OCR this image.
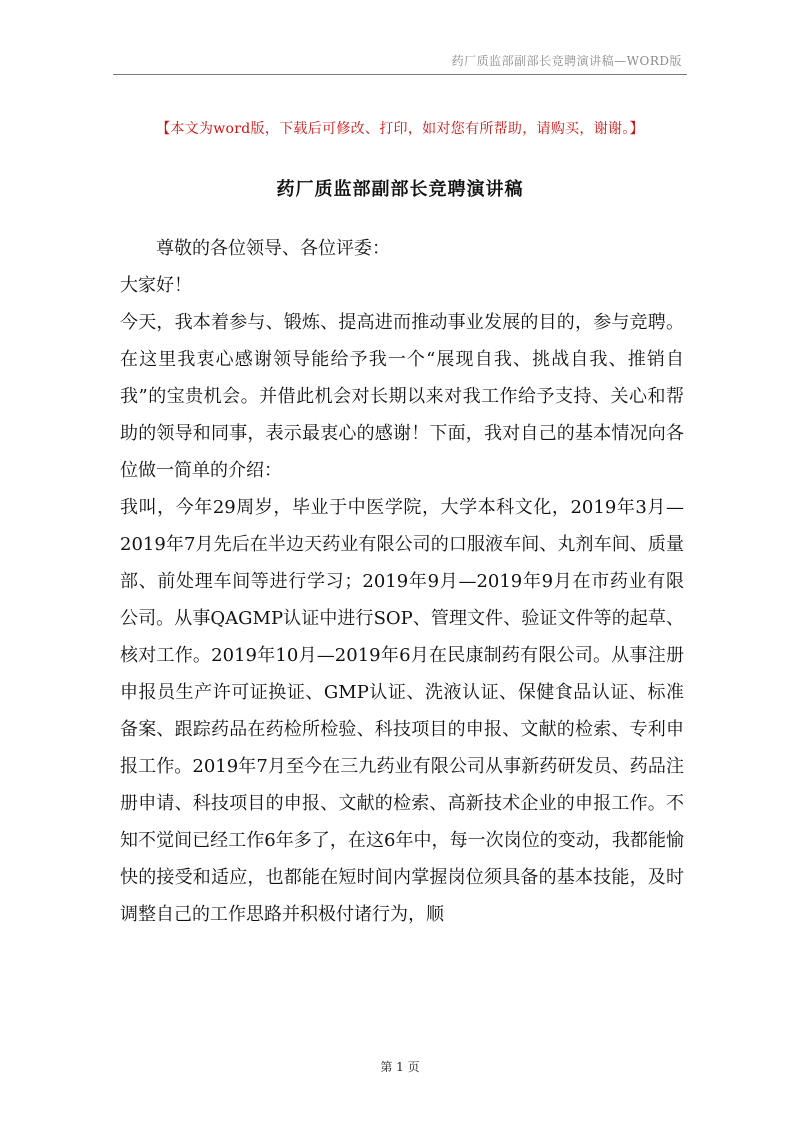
药厂质监部副部长竞聘演讲稿—WORD版
【本文为word版，下载后可修改、打印，如对您有所帮助，请购买，谢谢。】
药厂质监部副部长竞聘演讲稿

尊敬的各位领导、各位评委：

大家好！

今天，我本着参与、锻炼、提高进而推动事业发展的目的，参与竞聘。在这里我衷心感谢领导能给予我一个“展现自我、挑战自我、推销自我”的宝贵机会。并借此机会对长期以来对我工作给予支持、关心和帮助的领导和同事，表示最衷心的感谢！下面，我对自己的基本情况向各位做一简单的介绍：

我叫，今年29周岁，毕业于中医学院，大学本科文化，2019年3月—2019年7月先后在半边天药业有限公司的口服液车间、丸剂车间、质量部、前处理车间等进行学习；2019年9月—2019年9月在市药业有限公司。从事QAGMP认证中进行SOP、管理文件、验证文件等的起草、核对工作。2019年10月—2019年6月在民康制药有限公司。从事注册申报员生产许可证换证、GMP认证、洗液认证、保健食品认证、标准备案、跟踪药品在药检所检验、科技项目的申报、文献的检索、专利申报工作。2019年7月至今在三九药业有限公司从事新药研发员、药品注册申请、科技项目的申报、文献的检索、高新技术企业的申报工作。不知不觉间已经工作6年多了，在这6年中，每一次岗位的变动，我都能愉快的接受和适应，也都能在短时间内掌握岗位须具备的基本技能，及时调整自己的工作思路并积极付诸行为，顺

第 1 页
